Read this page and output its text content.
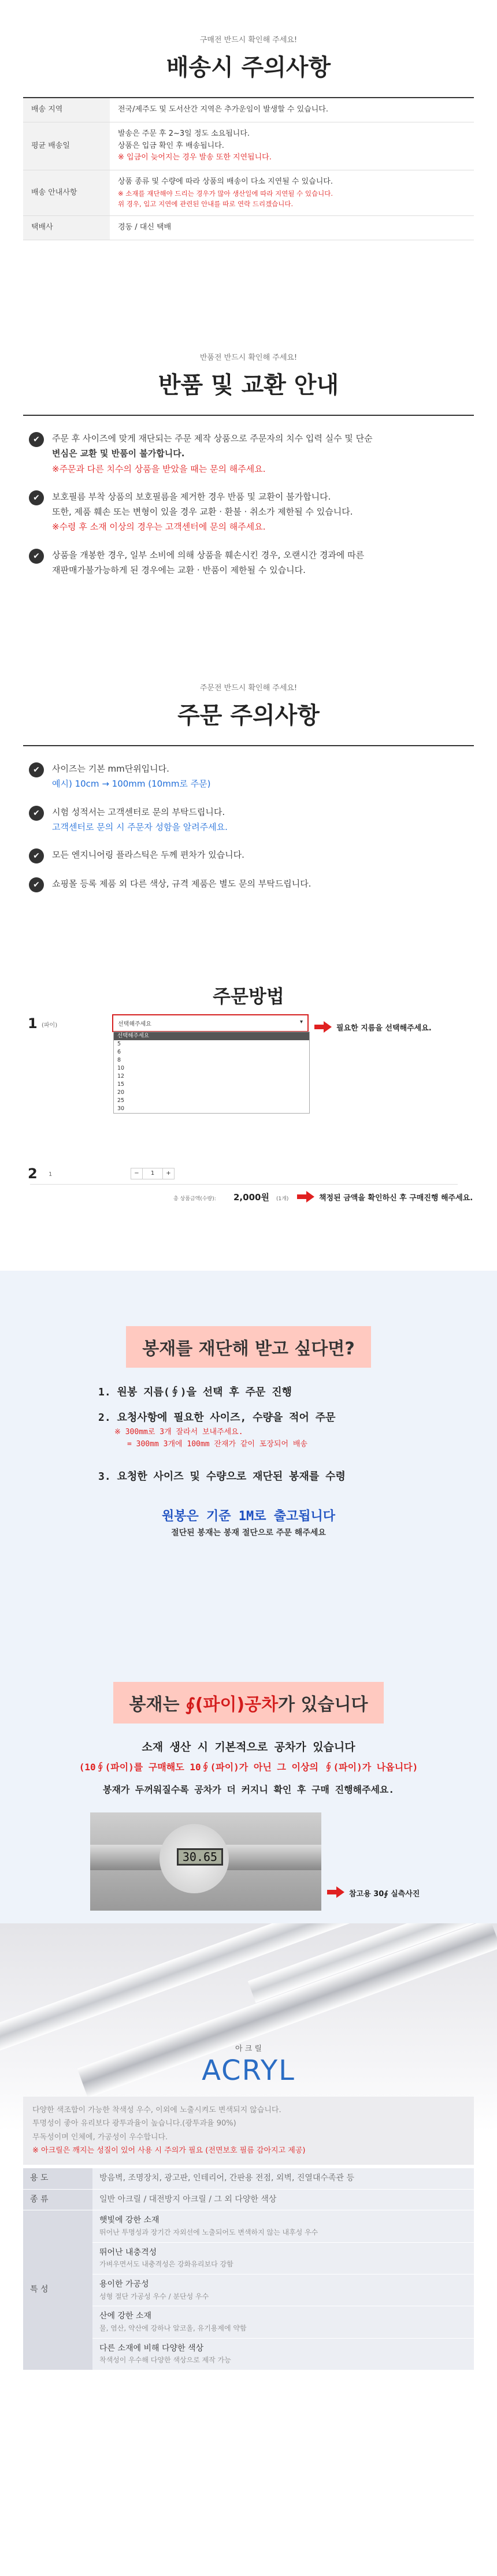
구매전 반드시 확인해 주세요!
배송시 주의사항
배송 지역	전국/제주도 및 도서산간 지역은 추가운임이 발생할 수 있습니다.

평균 배송일	발송은 주문 후 2~3일 정도 소요됩니다.
상품은 입금 확인 후 배송됩니다.
※ 입금이 늦어지는 경우 발송 또한 지연됩니다.

배송 안내사항	상품 종류 및 수량에 따라 상품의 배송이 다소 지연될 수 있습니다.
※ 소재를 재단해야 드리는 경우가 많아 생산일에 따라 지연될 수 있습니다.
위 경우, 입고 지연에 관련된 안내를 따로 연락 드리겠습니다.

택배사	경동 / 대신 택배
반품전 반드시 확인해 주세요!
반품 및 교환 안내
✔	주문 후 사이즈에 맞게 재단되는 주문 제작 상품으로 주문자의 치수 입력 실수 및 단순
변심은 교환 및 반품이 불가합니다.
※주문과 다른 치수의 상품을 받았을 때는 문의 해주세요.
✔	보호필름 부착 상품의 보호필름을 제거한 경우 반품 및 교환이 불가합니다.
또한, 제품 훼손 또는 변형이 있을 경우 교환 · 환불 · 취소가 제한될 수 있습니다.
※수령 후 소재 이상의 경우는 고객센터에 문의 해주세요.
✔	상품을 개봉한 경우, 일부 소비에 의해 상품을 훼손시킨 경우, 오랜시간 경과에 따른
재판매가불가능하게 된 경우에는 교환 · 반품이 제한될 수 있습니다.
주문전 반드시 확인해 주세요!
주문 주의사항
✔	사이즈는 기본 mm단위입니다.
예시) 10cm → 100mm (10mm로 주문)
✔	시험 성적서는 고객센터로 문의 부탁드립니다.
고객센터로 문의 시 주문자 성함을 알려주세요.
✔	모든 엔지니어링 플라스틱은 두께 편차가 있습니다.
✔	쇼핑몰 등록 제품 외 다른 색상, 규격 제품은 별도 문의 부탁드립니다.
주문방법
1 (파이)	선택해주세요	▾
선택해주세요
5
6
8
10
12
15
20
25
30
필요한 지름을 선택해주세요.
2 1	−	1	+
총 상품금액(수량): 2,000원 (1개)	책정된 금액을 확인하신 후 구매진행 해주세요.
봉재를 재단해 받고 싶다면?
1. 원봉 지름(∮)을 선택 후 주문 진행
2. 요청사항에 필요한 사이즈, 수량을 적어 주문
※ 300mm로 3개 잘라서 보내주세요.
= 300mm 3개에 100mm 잔재가 같이 포장되어 배송
3. 요청한 사이즈 및 수량으로 재단된 봉재를 수령
원봉은 기준 1M로 출고됩니다
절단된 봉재는 봉재 절단으로 주문 해주세요
봉재는 ∮(파이)공차가 있습니다
소재 생산 시 기본적으로 공차가 있습니다
(10∮(파이)를 구매해도 10∮(파이)가 아닌 그 이상의 ∮(파이)가 나옵니다)
봉재가 두꺼워질수록 공차가 더 커지니 확인 후 구매 진행해주세요.
30.65
참고용 30∮ 실측사진
아 크 릴
ACRYL
다양한 색조합이 가능한 착색성 우수, 이외에 노출시켜도 변색되지 않습니다.
투명성이 좋아 유리보다 광투과율이 높습니다.(광투과율 90%)
무독성이며 인체에, 가공성이 우수합니다.
※ 아크릴은 깨지는 성질이 있어 사용 시 주의가 필요 (전면보호 필름 감아지고 제공)
용 도	방음벽, 조명장치, 광고판, 인테리어, 간판용 전점, 외벽, 진열대수족관 등
종 류	일반 아크릴 / 대전방지 아크릴 / 그 외 다양한 색상
특 성	햇빛에 강한 소재
뛰어난 투명성과 장기간 자외선에 노출되어도 변색하지 않는 내후성 우수

	뛰어난 내충격성
가벼우면서도 내충격성은 강화유리보다 강함

	용이한 가공성
성형 절단 가공성 우수 / 분단성 우수

	산에 강한 소재
물, 염산, 약산에 강하나 알코올, 유기용제에 약함

	다른 소재에 비해 다양한 색상
착색성이 우수해 다양한 색상으로 제작 가능
